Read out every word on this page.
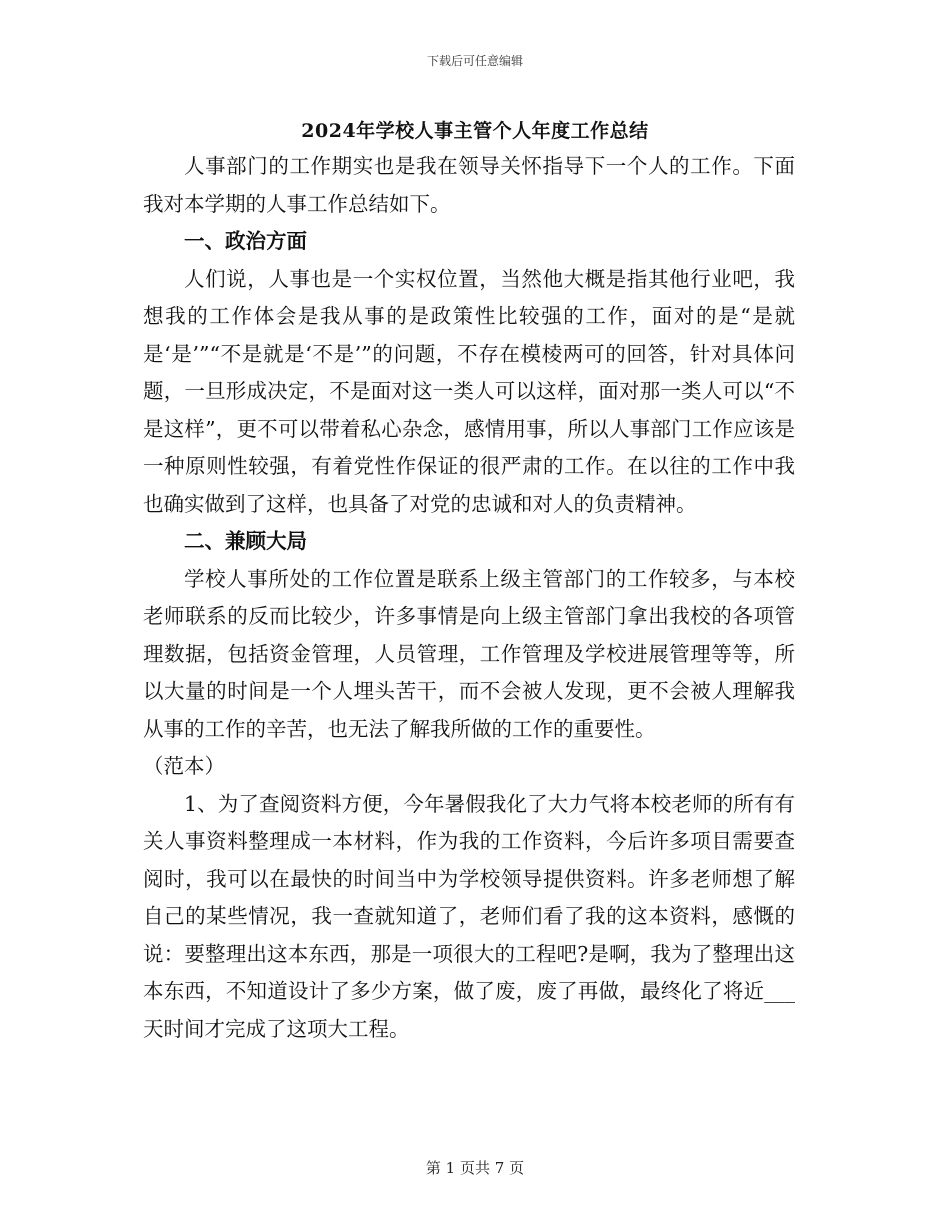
下载后可任意编辑
2024年学校人事主管个人年度工作总结

人事部门的工作期实也是我在领导关怀指导下一个人的工作。下面我对本学期的人事工作总结如下。

一、政治方面

人们说，人事也是一个实权位置，当然他大概是指其他行业吧，我想我的工作体会是我从事的是政策性比较强的工作，面对的是“是就是‘是’”“不是就是‘不是’”的问题，不存在模棱两可的回答，针对具体问题，一旦形成决定，不是面对这一类人可以这样，面对那一类人可以“不是这样”，更不可以带着私心杂念，感情用事，所以人事部门工作应该是一种原则性较强，有着党性作保证的很严肃的工作。在以往的工作中我也确实做到了这样，也具备了对党的忠诚和对人的负责精神。

二、兼顾大局

学校人事所处的工作位置是联系上级主管部门的工作较多，与本校老师联系的反而比较少，许多事情是向上级主管部门拿出我校的各项管理数据，包括资金管理，人员管理，工作管理及学校进展管理等等，所以大量的时间是一个人埋头苦干，而不会被人发现，更不会被人理解我从事的工作的辛苦，也无法了解我所做的工作的重要性。

（范本）

1、为了查阅资料方便，今年暑假我化了大力气将本校老师的所有有关人事资料整理成一本材料，作为我的工作资料，今后许多项目需要查阅时，我可以在最快的时间当中为学校领导提供资料。许多老师想了解自己的某些情况，我一查就知道了，老师们看了我的这本资料，感慨的说：要整理出这本东西，那是一项很大的工程吧?是啊，我为了整理出这本东西，不知道设计了多少方案，做了废，废了再做，最终化了将近___天时间才完成了这项大工程。

第 1 页共 7 页
